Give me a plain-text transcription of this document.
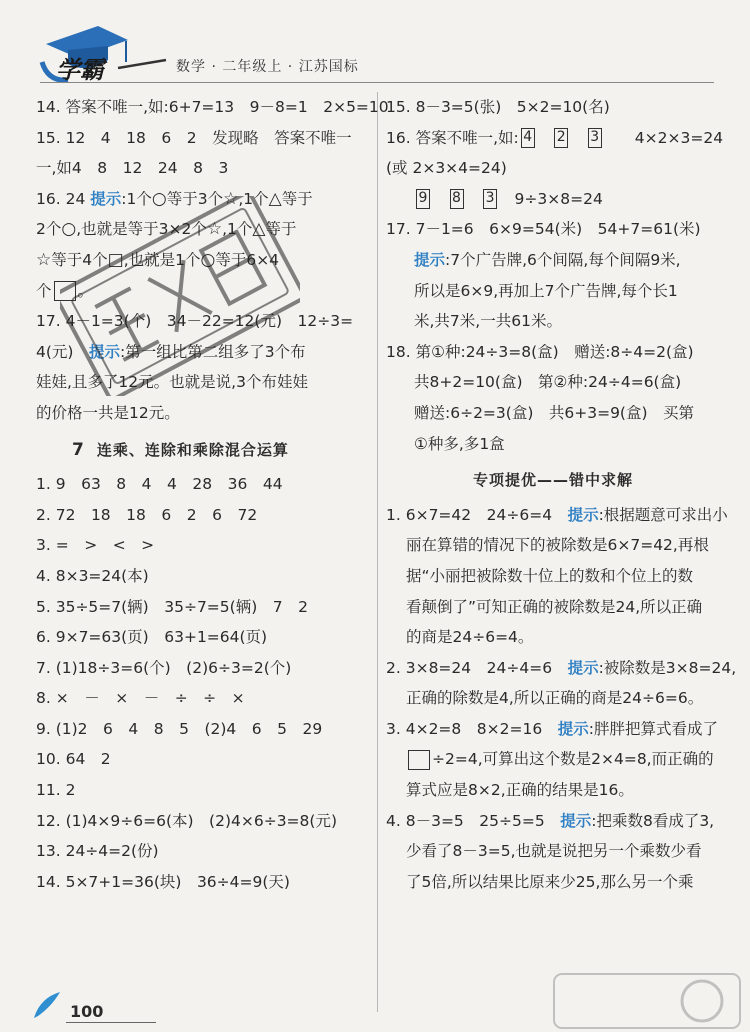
学霸	数学 · 二年级上 · 江苏国标
14. 答案不唯一,如:6+7=13　9－8=1　2×5=10
15. 12　4　18　6　2　发现略　答案不唯一
一,如4　8　12　24　8　3
16. 24 提示:1个○等于3个☆,1个△等于
2个○,也就是等于3×2个☆,1个△等于
☆等于4个□,也就是1个○等于6×4
个 。
17. 4－1=3(个)　34－22=12(元)　12÷3=
4(元)　 提示:第一组比第二组多了3个布
娃娃,且多了12元。也就是说,3个布娃娃
的价格一共是12元。
7 连乘、连除和乘除混合运算
1. 9　63　8　4　4　28　36　44
2. 72　18　18　6　2　6　72
3. =　>　<　>
4. 8×3=24(本)
5. 35÷5=7(辆)　35÷7=5(辆)　7　2
6. 9×7=63(页)　63+1=64(页)
7. (1)18÷3=6(个)　(2)6÷3=2(个)
8. ×　－　×　－　÷　÷　×
9. (1)2　6　4　8　5　(2)4　6　5　29
10. 64　2
11. 2
12. (1)4×9÷6=6(本)　(2)4×6÷3=8(元)
13. 24÷4=2(份)
14. 5×7+1=36(块)　36÷4=9(天)
15. 8－3=5(张)　5×2=10(名)
16. 答案不唯一,如: 4　 2　 3　　 4×2×3=24
(或 2×3×4=24)
9　 8　 3　 9÷3×8=24
17. 7－1=6　6×9=54(米)　54+7=61(米)
提示:7个广告牌,6个间隔,每个间隔9米,
所以是6×9,再加上7个广告牌,每个长1
米,共7米,一共61米。
18. 第①种:24÷3=8(盒)　赠送:8÷4=2(盒)
共8+2=10(盒)　第②种:24÷4=6(盒)
赠送:6÷2=3(盒)　共6+3=9(盒)　买第
①种多,多1盒
专项提优——错中求解
1. 6×7=42　24÷6=4　提示:根据题意可求出小
丽在算错的情况下的被除数是6×7=42,再根
据“小丽把被除数十位上的数和个位上的数
看颠倒了”可知正确的被除数是24,所以正确
的商是24÷6=4。
2. 3×8=24　24÷4=6　提示:被除数是3×8=24,
正确的除数是4,所以正确的商是24÷6=6。
3. 4×2=8　8×2=16　提示:胖胖把算式看成了
÷2=4,可算出这个数是2×4=8,而正确的
算式应是8×2,正确的结果是16。
4. 8－3=5　25÷5=5　提示:把乘数8看成了3,
少看了8－3=5,也就是说把另一个乘数少看
了5倍,所以结果比原来少25,那么另一个乘
100
